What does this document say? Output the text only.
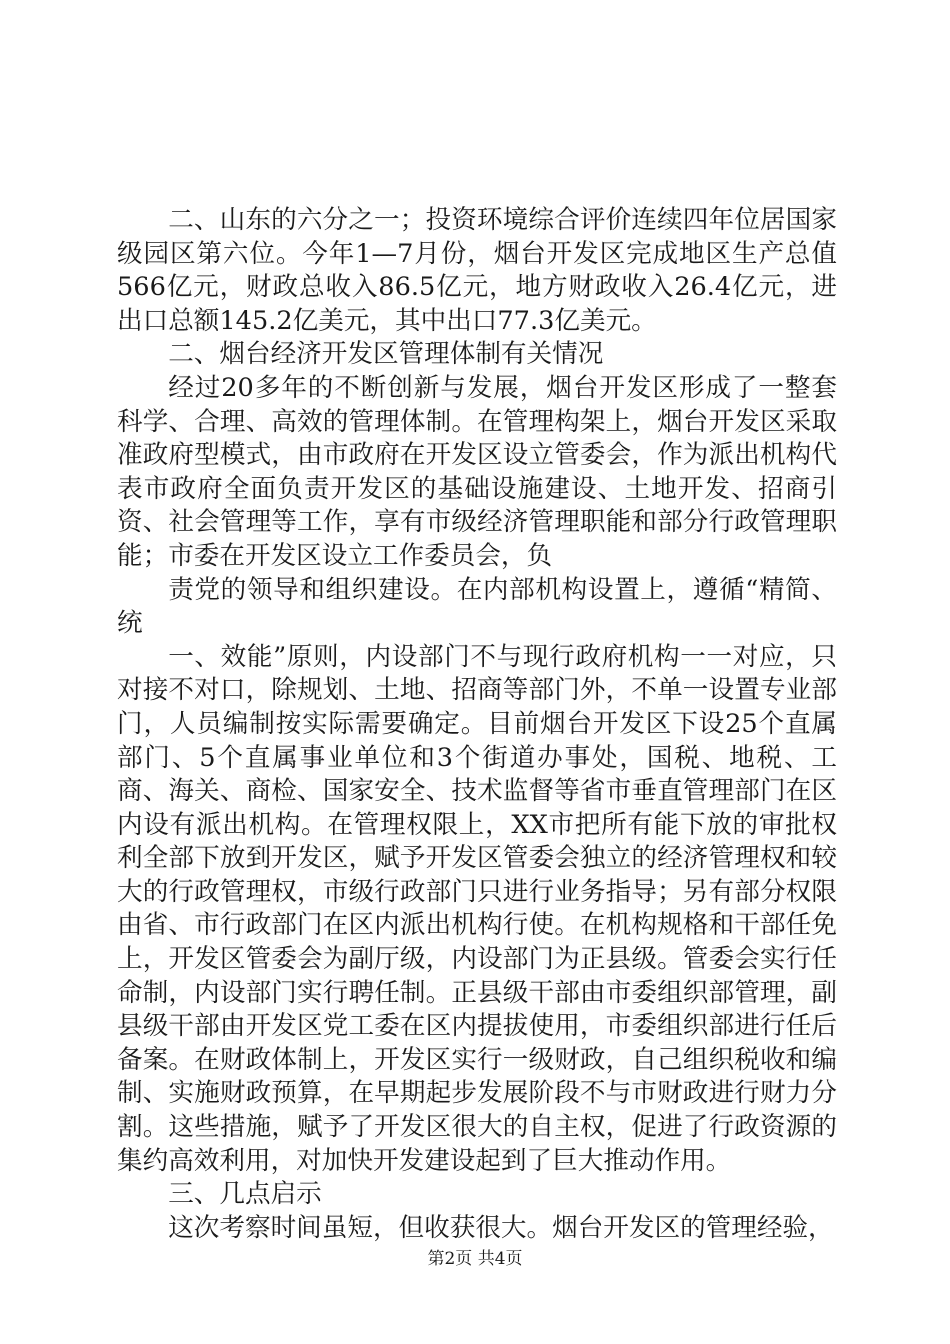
二、山东的六分之一；投资环境综合评价连续四年位居国家级园区第六位。今年1—7月份，烟台开发区完成地区生产总值566亿元，财政总收入86.5亿元，地方财政收入26.4亿元，进出口总额145.2亿美元，其中出口77.3亿美元。

二、烟台经济开发区管理体制有关情况

经过20多年的不断创新与发展，烟台开发区形成了一整套科学、合理、高效的管理体制。在管理构架上，烟台开发区采取准政府型模式，由市政府在开发区设立管委会，作为派出机构代表市政府全面负责开发区的基础设施建设、土地开发、招商引资、社会管理等工作，享有市级经济管理职能和部分行政管理职能；市委在开发区设立工作委员会，负

责党的领导和组织建设。在内部机构设置上，遵循“精简、统

一、效能”原则，内设部门不与现行政府机构一一对应，只对接不对口，除规划、土地、招商等部门外，不单一设置专业部门，人员编制按实际需要确定。目前烟台开发区下设25个直属部门、5个直属事业单位和3个街道办事处，国税、地税、工商、海关、商检、国家安全、技术监督等省市垂直管理部门在区内设有派出机构。在管理权限上，XX市把所有能下放的审批权利全部下放到开发区，赋予开发区管委会独立的经济管理权和较大的行政管理权，市级行政部门只进行业务指导；另有部分权限由省、市行政部门在区内派出机构行使。在机构规格和干部任免上，开发区管委会为副厅级，内设部门为正县级。管委会实行任命制，内设部门实行聘任制。正县级干部由市委组织部管理，副县级干部由开发区党工委在区内提拔使用，市委组织部进行任后备案。在财政体制上，开发区实行一级财政，自己组织税收和编制、实施财政预算，在早期起步发展阶段不与市财政进行财力分割。这些措施，赋予了开发区很大的自主权，促进了行政资源的集约高效利用，对加快开发建设起到了巨大推动作用。

三、几点启示

这次考察时间虽短，但收获很大。烟台开发区的管理经验，

第2页 共4页
